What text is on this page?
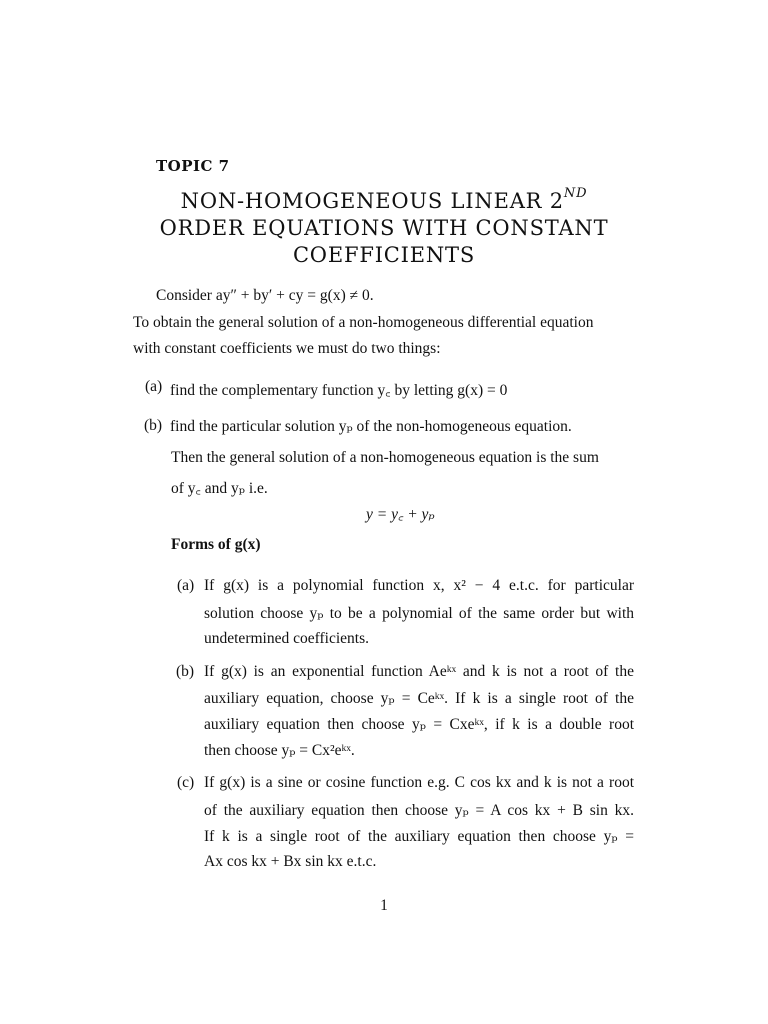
TOPIC 7
NON-HOMOGENEOUS LINEAR 2ND
ORDER EQUATIONS WITH CONSTANT
COEFFICIENTS
Consider ay″ + by′ + cy = g(x) ≠ 0.
To obtain the general solution of a non-homogeneous differential equation
with constant coefficients we must do two things:
(a) find the complementary function y꜀ by letting g(x) = 0
(b) find the particular solution yₚ of the non-homogeneous equation.
Then the general solution of a non-homogeneous equation is the sum
of y꜀ and yₚ i.e.
y = y꜀ + yₚ
Forms of g(x)
(a) If g(x) is a polynomial function x, x² − 4 e.t.c. for particular
solution choose yₚ to be a polynomial of the same order but with
undetermined coefficients.
(b) If g(x) is an exponential function Aeᵏˣ and k is not a root of the
auxiliary equation, choose yₚ = Ceᵏˣ. If k is a single root of the
auxiliary equation then choose yₚ = Cxeᵏˣ, if k is a double root
then choose yₚ = Cx²eᵏˣ.
(c) If g(x) is a sine or cosine function e.g. C cos kx and k is not a root
of the auxiliary equation then choose yₚ = A cos kx + B sin kx.
If k is a single root of the auxiliary equation then choose yₚ =
Ax cos kx + Bx sin kx e.t.c.
1
